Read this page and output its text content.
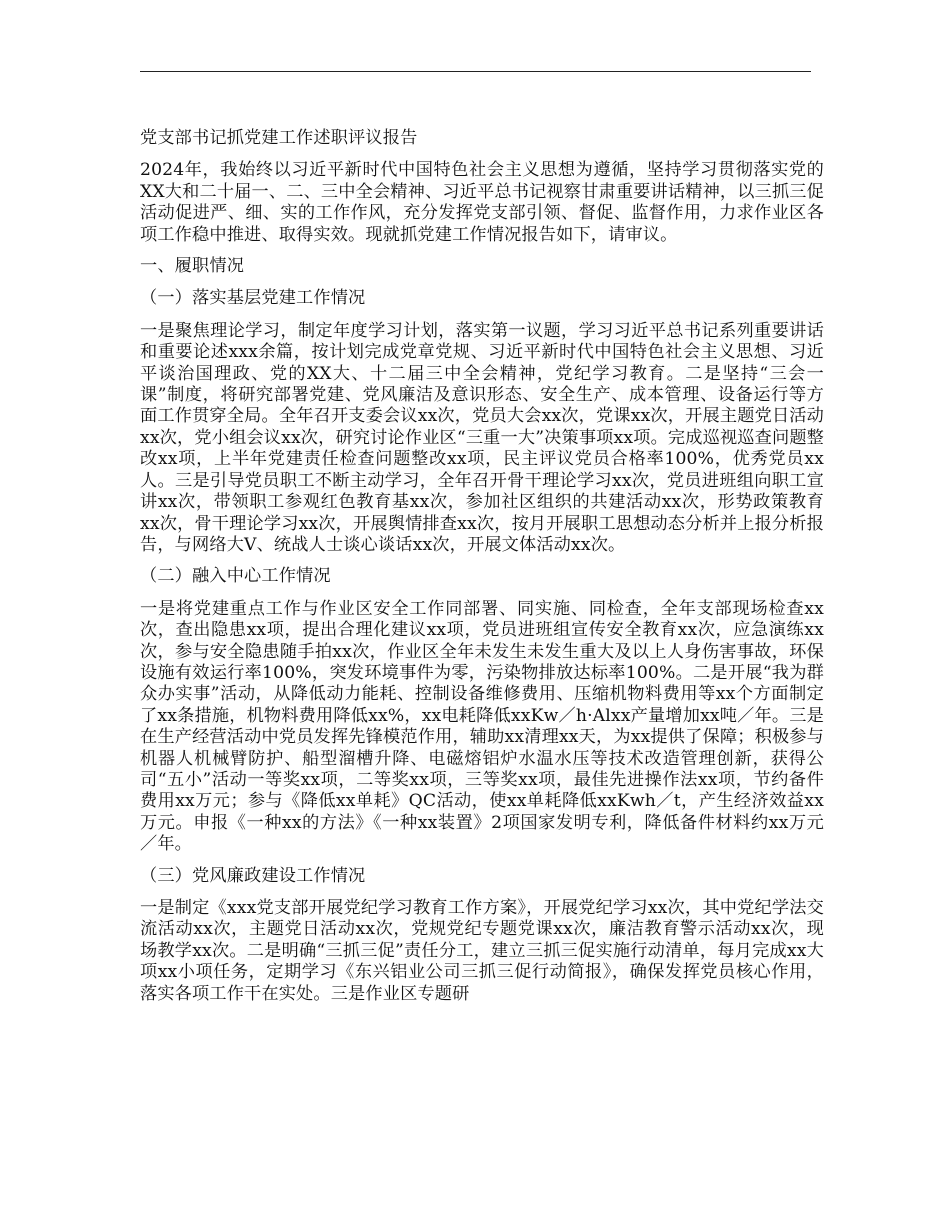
党支部书记抓党建工作述职评议报告

2024年，我始终以习近平新时代中国特色社会主义思想为遵循，坚持学习贯彻落实党的XX大和二十届一、二、三中全会精神、习近平总书记视察甘肃重要讲话精神，以三抓三促活动促进严、细、实的工作作风，充分发挥党支部引领、督促、监督作用，力求作业区各项工作稳中推进、取得实效。现就抓党建工作情况报告如下，请审议。

一、履职情况

（一）落实基层党建工作情况

一是聚焦理论学习，制定年度学习计划，落实第一议题，学习习近平总书记系列重要讲话和重要论述xxx余篇，按计划完成党章党规、习近平新时代中国特色社会主义思想、习近平谈治国理政、党的XX大、十二届三中全会精神，党纪学习教育。二是坚持“三会一课”制度，将研究部署党建、党风廉洁及意识形态、安全生产、成本管理、设备运行等方面工作贯穿全局。全年召开支委会议xx次，党员大会xx次，党课xx次，开展主题党日活动xx次，党小组会议xx次，研究讨论作业区“三重一大”决策事项xx项。完成巡视巡查问题整改xx项，上半年党建责任检查问题整改xx项，民主评议党员合格率100%，优秀党员xx人。三是引导党员职工不断主动学习，全年召开骨干理论学习xx次，党员进班组向职工宣讲xx次，带领职工参观红色教育基xx次，参加社区组织的共建活动xx次，形势政策教育xx次，骨干理论学习xx次，开展舆情排查xx次，按月开展职工思想动态分析并上报分析报告，与网络大V、统战人士谈心谈话xx次，开展文体活动xx次。

（二）融入中心工作情况

一是将党建重点工作与作业区安全工作同部署、同实施、同检查，全年支部现场检查xx次，查出隐患xx项，提出合理化建议xx项，党员进班组宣传安全教育xx次，应急演练xx次，参与安全隐患随手拍xx次，作业区全年未发生未发生重大及以上人身伤害事故，环保设施有效运行率100%，突发环境事件为零，污染物排放达标率100%。二是开展“我为群众办实事”活动，从降低动力能耗、控制设备维修费用、压缩机物料费用等xx个方面制定了xx条措施，机物料费用降低xx%，xx电耗降低xxKw／h·Alxx产量增加xx吨／年。三是在生产经营活动中党员发挥先锋模范作用，辅助xx清理xx天，为xx提供了保障；积极参与机器人机械臂防护、船型溜槽升降、电磁熔铝炉水温水压等技术改造管理创新，获得公司“五小”活动一等奖xx项，二等奖xx项，三等奖xx项，最佳先进操作法xx项，节约备件费用xx万元；参与《降低xx单耗》QC活动，使xx单耗降低xxKwh／t，产生经济效益xx万元。申报《一种xx的方法》《一种xx装置》2项国家发明专利，降低备件材料约xx万元／年。

（三）党风廉政建设工作情况

一是制定《xxx党支部开展党纪学习教育工作方案》，开展党纪学习xx次，其中党纪学法交流活动xx次，主题党日活动xx次，党规党纪专题党课xx次，廉洁教育警示活动xx次，现场教学xx次。二是明确“三抓三促”责任分工，建立三抓三促实施行动清单，每月完成xx大项xx小项任务，定期学习《东兴铝业公司三抓三促行动简报》，确保发挥党员核心作用，落实各项工作干在实处。三是作业区专题研
